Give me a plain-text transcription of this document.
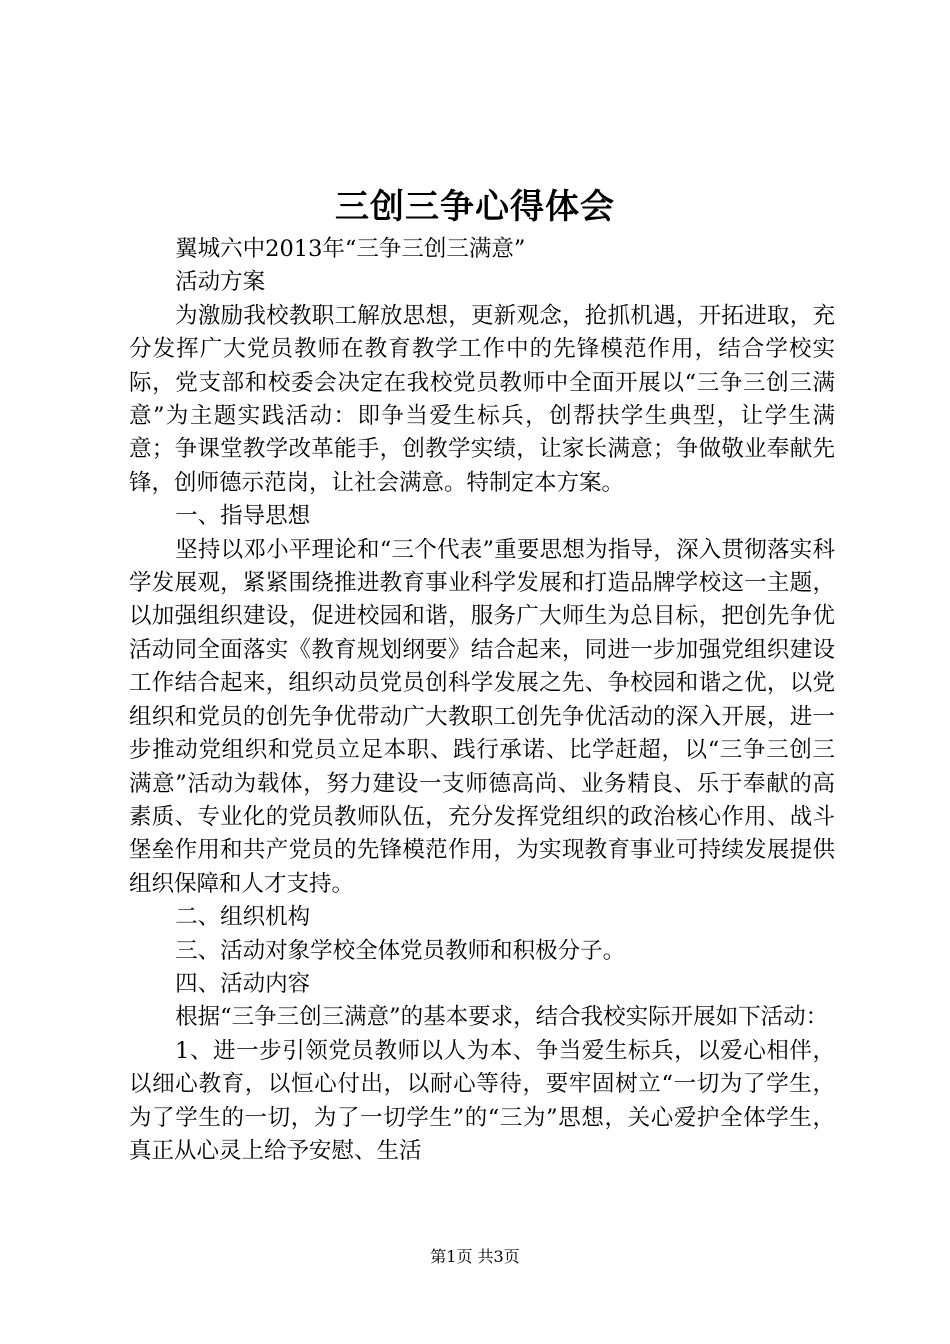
三创三争心得体会

翼城六中2013年“三争三创三满意”

活动方案

为激励我校教职工解放思想，更新观念，抢抓机遇，开拓进取，充分发挥广大党员教师在教育教学工作中的先锋模范作用，结合学校实际，党支部和校委会决定在我校党员教师中全面开展以“三争三创三满意”为主题实践活动：即争当爱生标兵，创帮扶学生典型，让学生满意；争课堂教学改革能手，创教学实绩，让家长满意；争做敬业奉献先锋，创师德示范岗，让社会满意。特制定本方案。

一、指导思想

坚持以邓小平理论和“三个代表”重要思想为指导，深入贯彻落实科学发展观，紧紧围绕推进教育事业科学发展和打造品牌学校这一主题，以加强组织建设，促进校园和谐，服务广大师生为总目标，把创先争优活动同全面落实《教育规划纲要》结合起来，同进一步加强党组织建设工作结合起来，组织动员党员创科学发展之先、争校园和谐之优，以党组织和党员的创先争优带动广大教职工创先争优活动的深入开展，进一步推动党组织和党员立足本职、践行承诺、比学赶超，以“三争三创三满意”活动为载体，努力建设一支师德高尚、业务精良、乐于奉献的高素质、专业化的党员教师队伍，充分发挥党组织的政治核心作用、战斗堡垒作用和共产党员的先锋模范作用，为实现教育事业可持续发展提供组织保障和人才支持。

二、组织机构

三、活动对象学校全体党员教师和积极分子。

四、活动内容

根据“三争三创三满意”的基本要求，结合我校实际开展如下活动：

1、进一步引领党员教师以人为本、争当爱生标兵，以爱心相伴，以细心教育，以恒心付出，以耐心等待，要牢固树立“一切为了学生，为了学生的一切，为了一切学生”的“三为”思想，关心爱护全体学生，真正从心灵上给予安慰、生活

第1页 共3页
